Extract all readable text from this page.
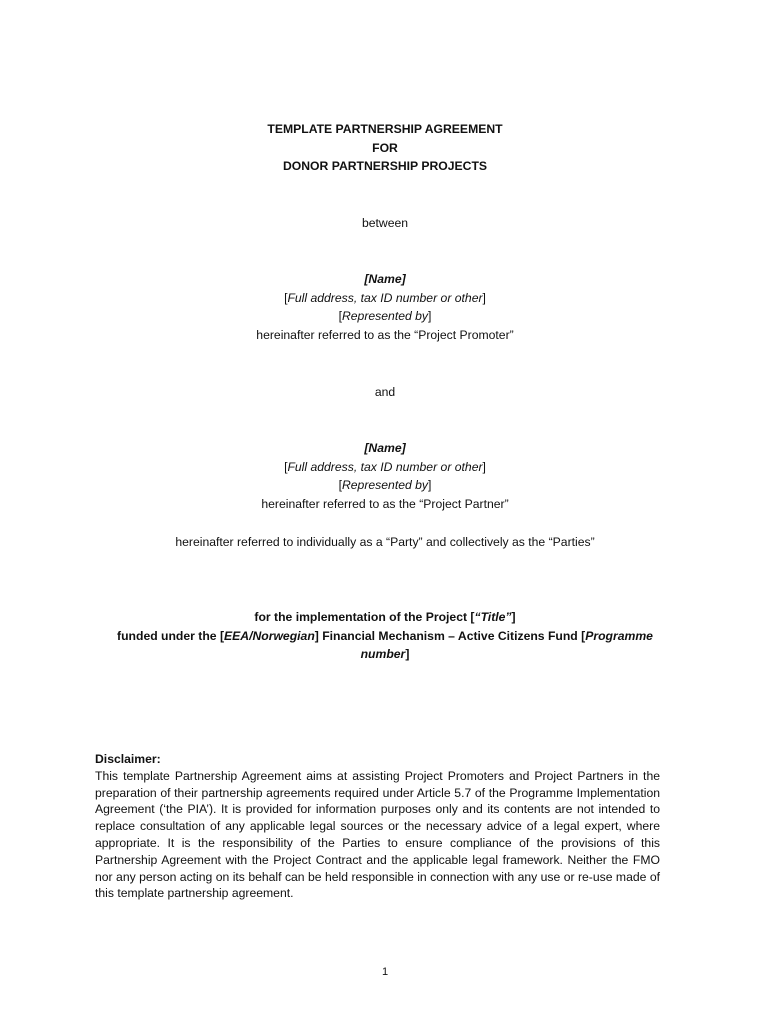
TEMPLATE PARTNERSHIP AGREEMENT
FOR
DONOR PARTNERSHIP PROJECTS
between
[Name]
[Full address, tax ID number or other]
[Represented by]
hereinafter referred to as the “Project Promoter”
and
[Name]
[Full address, tax ID number or other]
[Represented by]
hereinafter referred to as the “Project Partner”
hereinafter referred to individually as a “Party” and collectively as the “Parties”
for the implementation of the Project [“Title”]
funded under the [EEA/Norwegian] Financial Mechanism – Active Citizens Fund [Programme
number]
Disclaimer:
This template Partnership Agreement aims at assisting Project Promoters and Project Partners in the preparation of their partnership agreements required under Article 5.7 of the Programme Implementation Agreement (‘the PIA’). It is provided for information purposes only and its contents are not intended to replace consultation of any applicable legal sources or the necessary advice of a legal expert, where appropriate. It is the responsibility of the Parties to ensure compliance of the provisions of this Partnership Agreement with the Project Contract and the applicable legal framework. Neither the FMO nor any person acting on its behalf can be held responsible in connection with any use or re-use made of this template partnership agreement.
1
